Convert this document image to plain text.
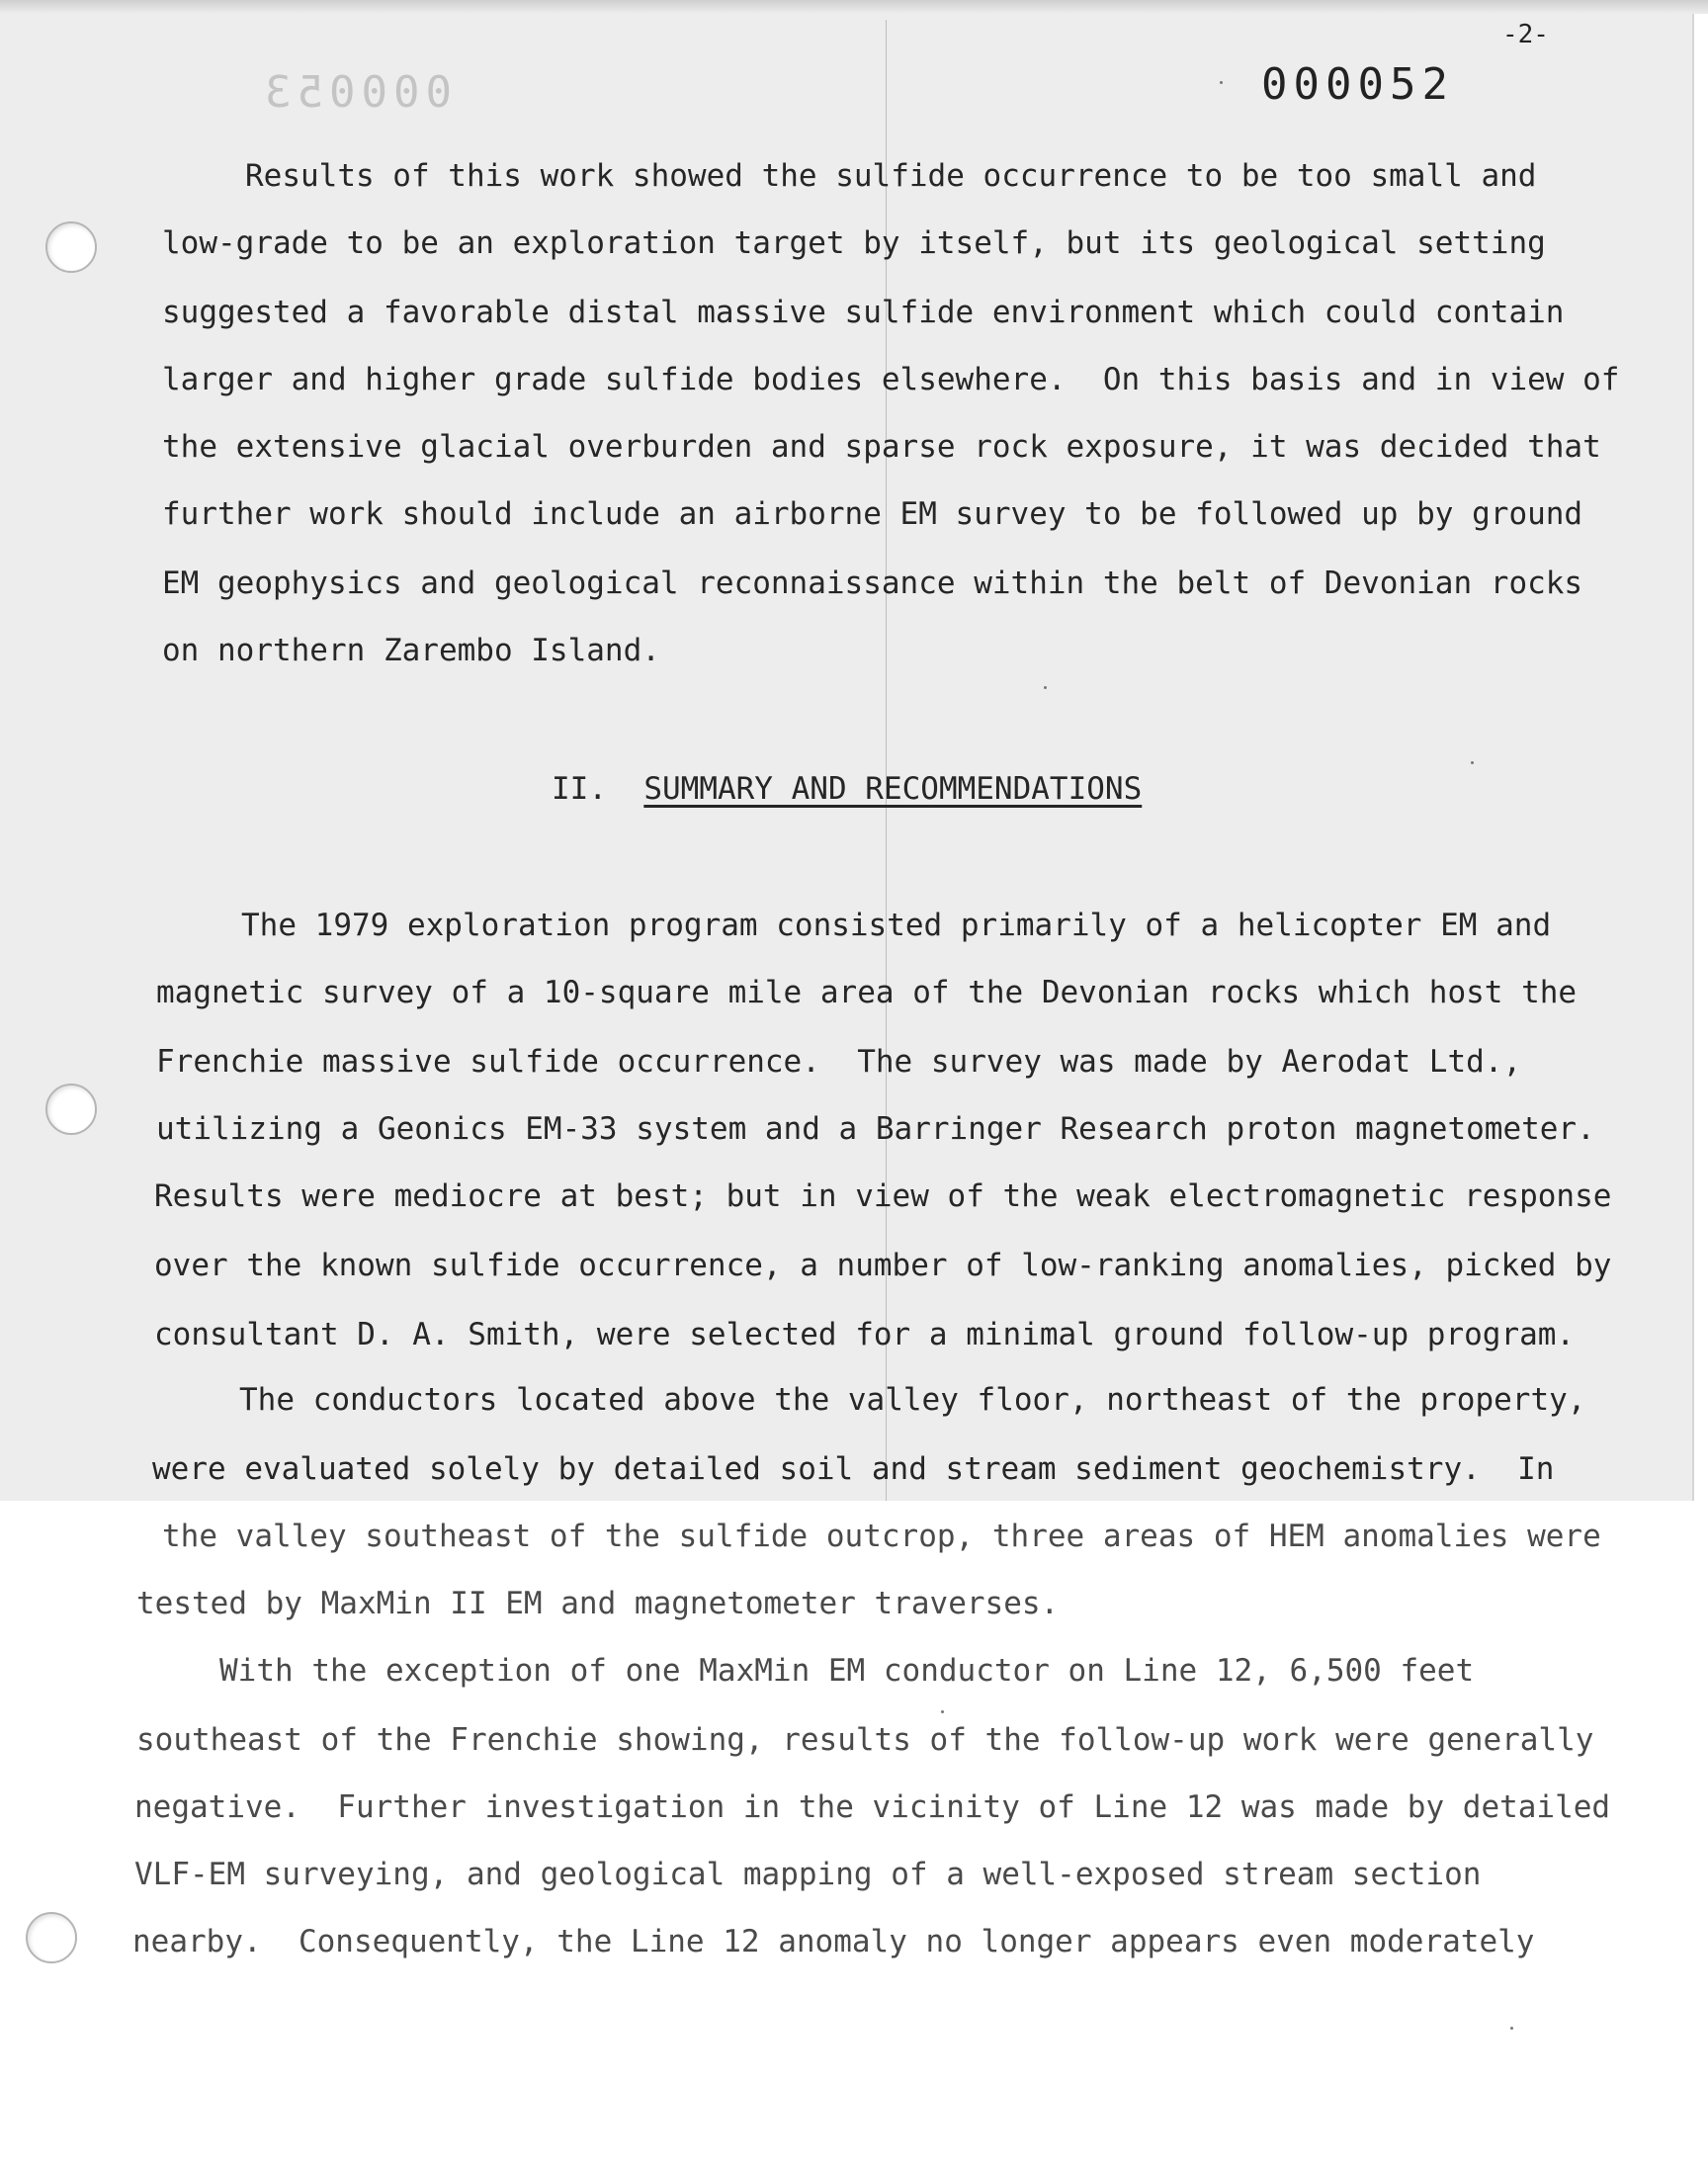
-2-
000053	000052
Results of this work showed the sulfide occurrence to be too small and
low-grade to be an exploration target by itself, but its geological setting
suggested a favorable distal massive sulfide environment which could contain
larger and higher grade sulfide bodies elsewhere.  On this basis and in view of
the extensive glacial overburden and sparse rock exposure, it was decided that
further work should include an airborne EM survey to be followed up by ground
EM geophysics and geological reconnaissance within the belt of Devonian rocks
on northern Zarembo Island.
II. SUMMARY AND RECOMMENDATIONS
The 1979 exploration program consisted primarily of a helicopter EM and
magnetic survey of a 10-square mile area of the Devonian rocks which host the
Frenchie massive sulfide occurrence.  The survey was made by Aerodat Ltd.,
utilizing a Geonics EM-33 system and a Barringer Research proton magnetometer.
Results were mediocre at best; but in view of the weak electromagnetic response
over the known sulfide occurrence, a number of low-ranking anomalies, picked by
consultant D. A. Smith, were selected for a minimal ground follow-up program.
The conductors located above the valley floor, northeast of the property,
were evaluated solely by detailed soil and stream sediment geochemistry.  In
the valley southeast of the sulfide outcrop, three areas of HEM anomalies were
tested by MaxMin II EM and magnetometer traverses.
With the exception of one MaxMin EM conductor on Line 12, 6,500 feet
southeast of the Frenchie showing, results of the follow-up work were generally
negative.  Further investigation in the vicinity of Line 12 was made by detailed
VLF-EM surveying, and geological mapping of a well-exposed stream section
nearby.  Consequently, the Line 12 anomaly no longer appears even moderately
